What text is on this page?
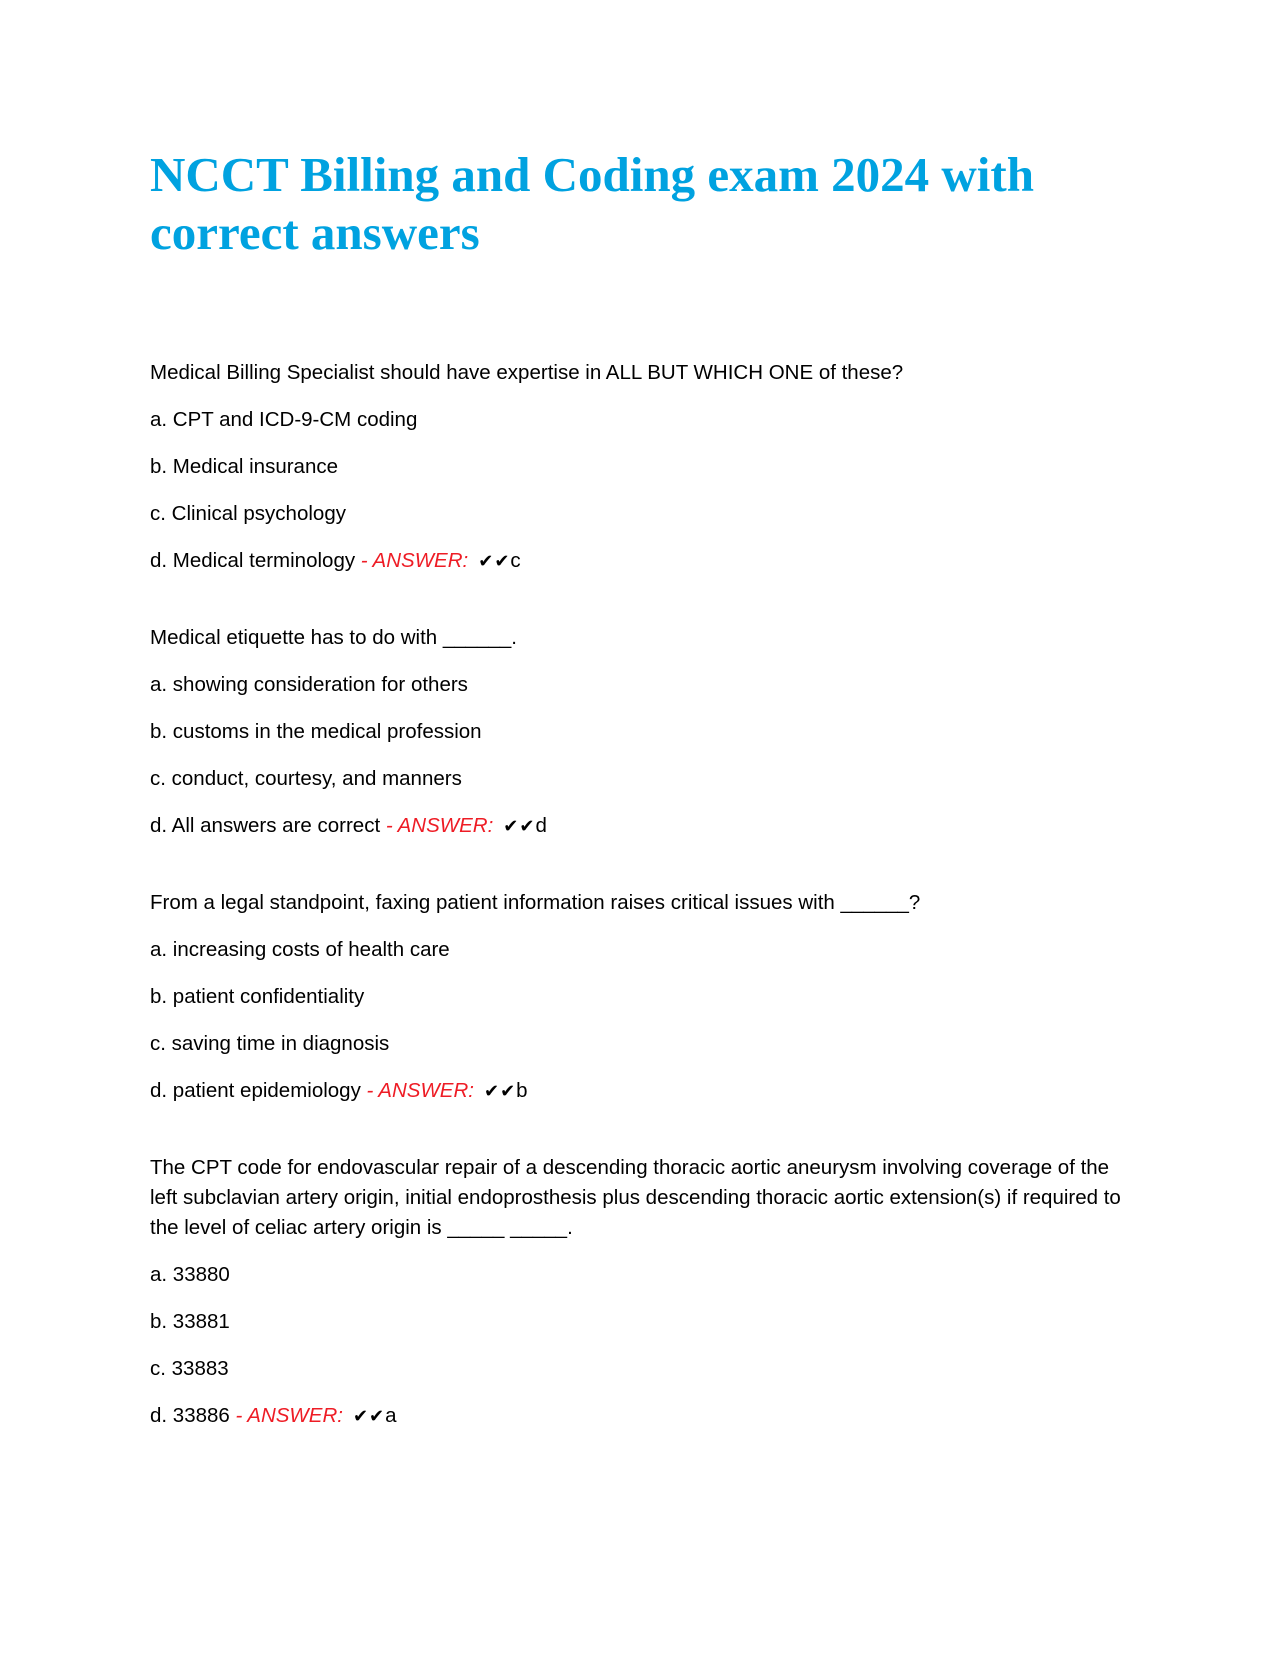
NCCT Billing and Coding exam 2024 with correct answers

Medical Billing Specialist should have expertise in ALL BUT WHICH ONE of these?

a. CPT and ICD-9-CM coding

b. Medical insurance

c. Clinical psychology

d. Medical terminology - ANSWER: ✔✔c

Medical etiquette has to do with ______.

a. showing consideration for others

b. customs in the medical profession

c. conduct, courtesy, and manners

d. All answers are correct - ANSWER: ✔✔d

From a legal standpoint, faxing patient information raises critical issues with ______?

a. increasing costs of health care

b. patient confidentiality

c. saving time in diagnosis

d. patient epidemiology - ANSWER: ✔✔b

The CPT code for endovascular repair of a descending thoracic aortic aneurysm involving coverage of the left subclavian artery origin, initial endoprosthesis plus descending thoracic aortic extension(s) if required to the level of celiac artery origin is _____ _____.

a. 33880

b. 33881

c. 33883

d. 33886 - ANSWER: ✔✔a
